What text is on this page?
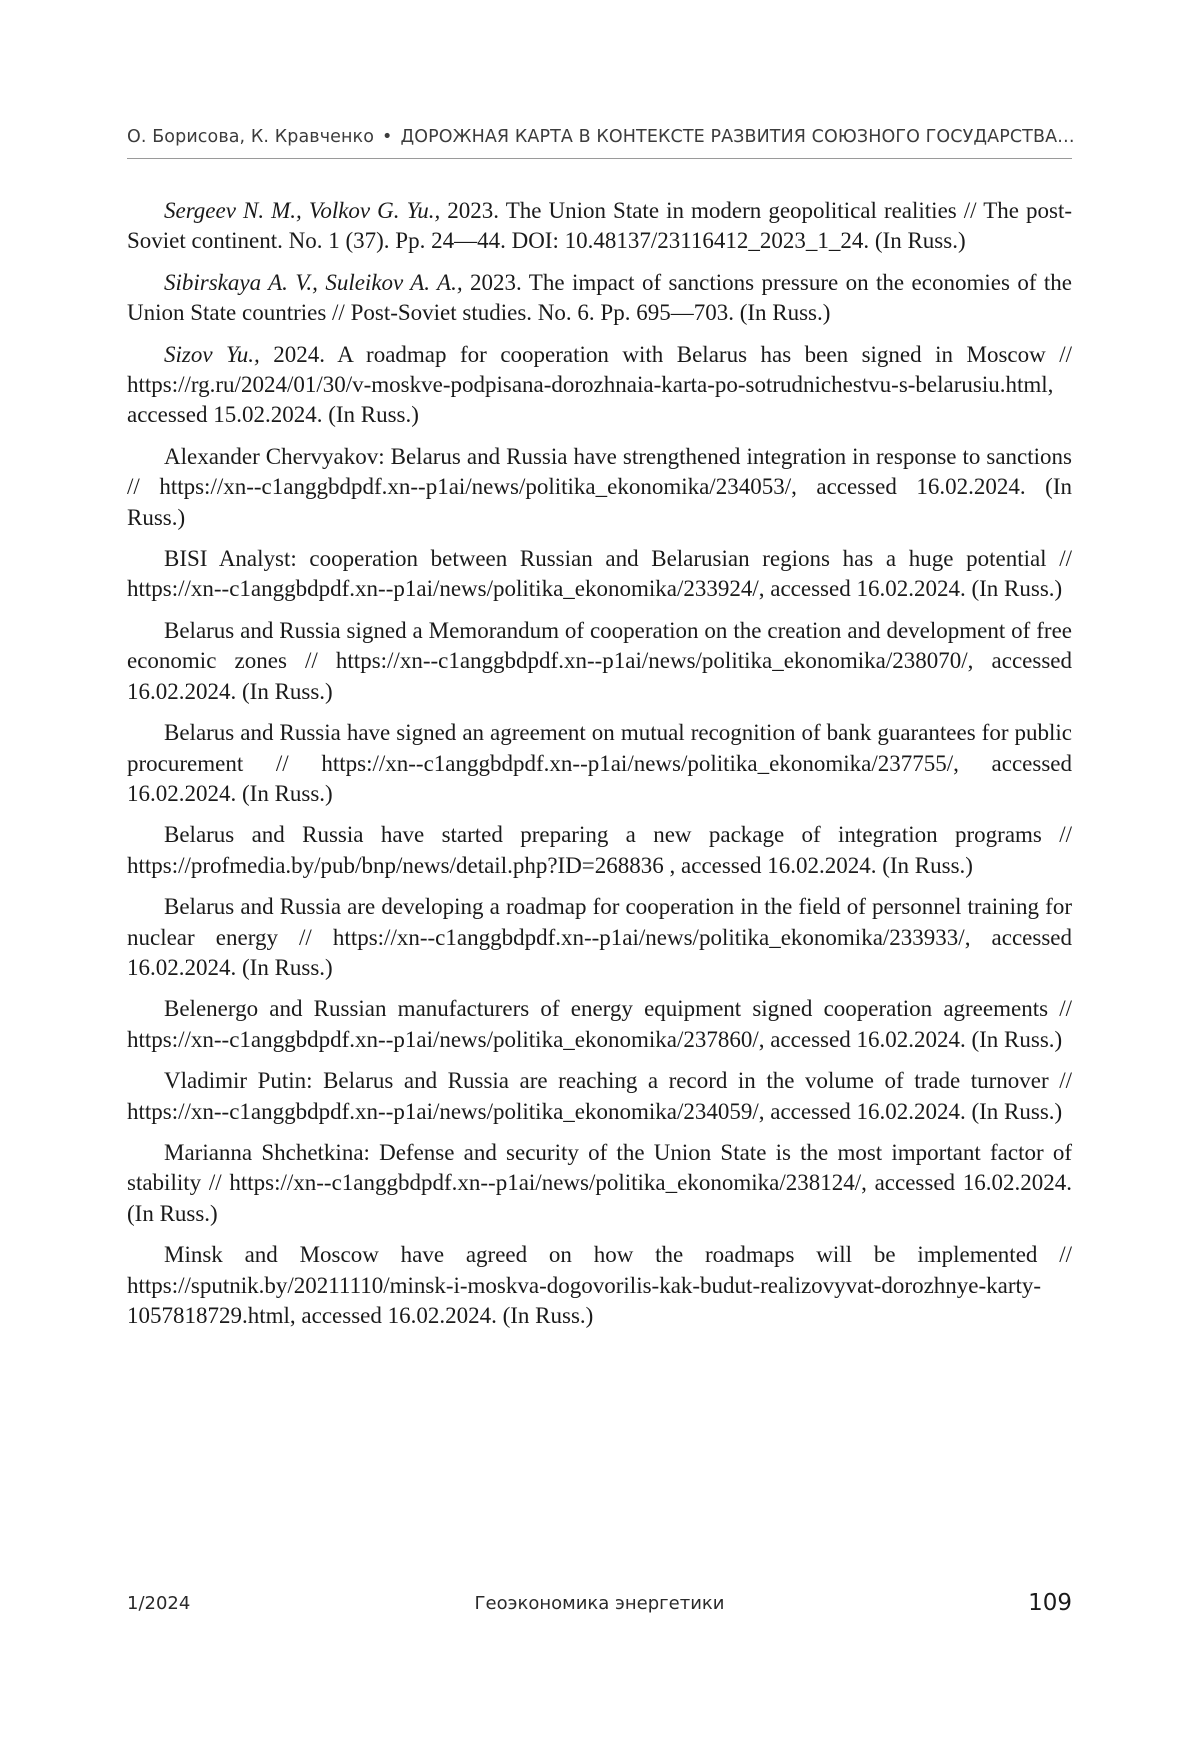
О. Борисова, К. Кравченко • ДОРОЖНАЯ КАРТА В КОНТЕКСТЕ РАЗВИТИЯ СОЮЗНОГО ГОСУДАРСТВА…

Sergeev N. M., Volkov G. Yu., 2023. The Union State in modern geopolitical realities // The post-Soviet continent. No. 1 (37). Pp. 24—44. DOI: 10.48137/23116412_2023_1_24. (In Russ.)

Sibirskaya A. V., Suleikov A. A., 2023. The impact of sanctions pressure on the economies of the Union State countries // Post-Soviet studies. No. 6. Pp. 695—703. (In Russ.)

Sizov Yu., 2024. A roadmap for cooperation with Belarus has been signed in Moscow // https://rg.ru/2024/01/30/v-moskve-podpisana-dorozhnaia-karta-po-sotrudnichestvu-s-belarusiu.html, accessed 15.02.2024. (In Russ.)

Alexander Chervyakov: Belarus and Russia have strengthened integration in response to sanctions // https://xn--c1anggbdpdf.xn--p1ai/news/politika_ekonomika/234053/, accessed 16.02.2024. (In Russ.)

BISI Analyst: cooperation between Russian and Belarusian regions has a huge potential // https://xn--c1anggbdpdf.xn--p1ai/news/politika_ekonomika/233924/, accessed 16.02.2024. (In Russ.)

Belarus and Russia signed a Memorandum of cooperation on the creation and development of free economic zones // https://xn--c1anggbdpdf.xn--p1ai/news/politika_ekonomika/238070/, accessed 16.02.2024. (In Russ.)

Belarus and Russia have signed an agreement on mutual recognition of bank guarantees for public procurement // https://xn--c1anggbdpdf.xn--p1ai/news/politika_ekonomika/237755/, accessed 16.02.2024. (In Russ.)

Belarus and Russia have started preparing a new package of integration programs // https://profmedia.by/pub/bnp/news/detail.php?ID=268836 , accessed 16.02.2024. (In Russ.)

Belarus and Russia are developing a roadmap for cooperation in the field of personnel training for nuclear energy // https://xn--c1anggbdpdf.xn--p1ai/news/politika_ekonomika/233933/, accessed 16.02.2024. (In Russ.)

Belenergo and Russian manufacturers of energy equipment signed cooperation agreements // https://xn--c1anggbdpdf.xn--p1ai/news/politika_ekonomika/237860/, accessed 16.02.2024. (In Russ.)

Vladimir Putin: Belarus and Russia are reaching a record in the volume of trade turnover // https://xn--c1anggbdpdf.xn--p1ai/news/politika_ekonomika/234059/, accessed 16.02.2024. (In Russ.)

Marianna Shchetkina: Defense and security of the Union State is the most important factor of stability // https://xn--c1anggbdpdf.xn--p1ai/news/politika_ekonomika/238124/, accessed 16.02.2024. (In Russ.)

Minsk and Moscow have agreed on how the roadmaps will be implemented // https://sputnik.by/20211110/minsk-i-moskva-dogovorilis-kak-budut-realizovyvat-dorozhnye-karty-1057818729.html, accessed 16.02.2024. (In Russ.)

1/2024	Геоэкономика энергетики	109
